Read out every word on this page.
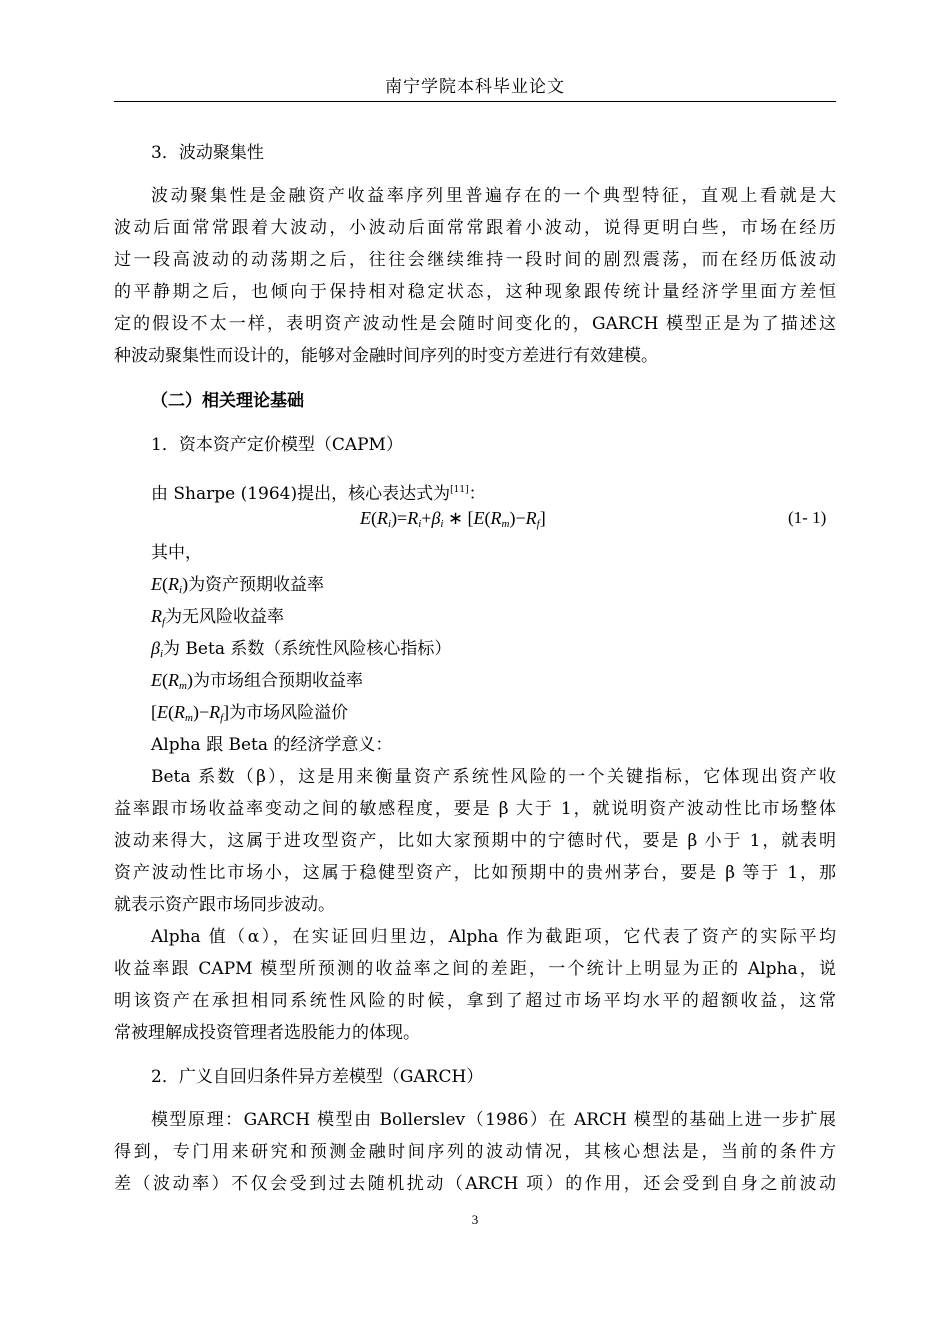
南宁学院本科毕业论文
3．波动聚集性
波动聚集性是金融资产收益率序列里普遍存在的一个典型特征，直观上看就是大
波动后面常常跟着大波动，小波动后面常常跟着小波动，说得更明白些，市场在经历
过一段高波动的动荡期之后，往往会继续维持一段时间的剧烈震荡，而在经历低波动
的平静期之后，也倾向于保持相对稳定状态，这种现象跟传统计量经济学里面方差恒
定的假设不太一样，表明资产波动性是会随时间变化的，GARCH 模型正是为了描述这
种波动聚集性而设计的，能够对金融时间序列的时变方差进行有效建模。
（二）相关理论基础
1．资本资产定价模型（CAPM）
由 Sharpe (1964)提出，核心表达式为[11]：
$E(R_i)=R_i+\beta_i$ ∗ $[E(R_m)-R_f]$	(1- 1)
其中，
$E(R_i)$为资产预期收益率
$R_f$为无风险收益率
$\beta_i$为 Beta 系数（系统性风险核心指标）
$E(R_m)$为市场组合预期收益率
$[E(R_m)-R_f]$为市场风险溢价
Alpha 跟 Beta 的经济学意义：
Beta 系数（β），这是用来衡量资产系统性风险的一个关键指标，它体现出资产收
益率跟市场收益率变动之间的敏感程度，要是 β 大于 1，就说明资产波动性比市场整体
波动来得大，这属于进攻型资产，比如大家预期中的宁德时代，要是 β 小于 1，就表明
资产波动性比市场小，这属于稳健型资产，比如预期中的贵州茅台，要是 β 等于 1，那
就表示资产跟市场同步波动。
Alpha 值（α），在实证回归里边，Alpha 作为截距项，它代表了资产的实际平均
收益率跟 CAPM 模型所预测的收益率之间的差距，一个统计上明显为正的 Alpha，说
明该资产在承担相同系统性风险的时候，拿到了超过市场平均水平的超额收益，这常
常被理解成投资管理者选股能力的体现。
2．广义自回归条件异方差模型（GARCH）
模型原理：GARCH 模型由 Bollerslev（1986）在 ARCH 模型的基础上进一步扩展
得到，专门用来研究和预测金融时间序列的波动情况，其核心想法是，当前的条件方
差（波动率）不仅会受到过去随机扰动（ARCH 项）的作用，还会受到自身之前波动
3
